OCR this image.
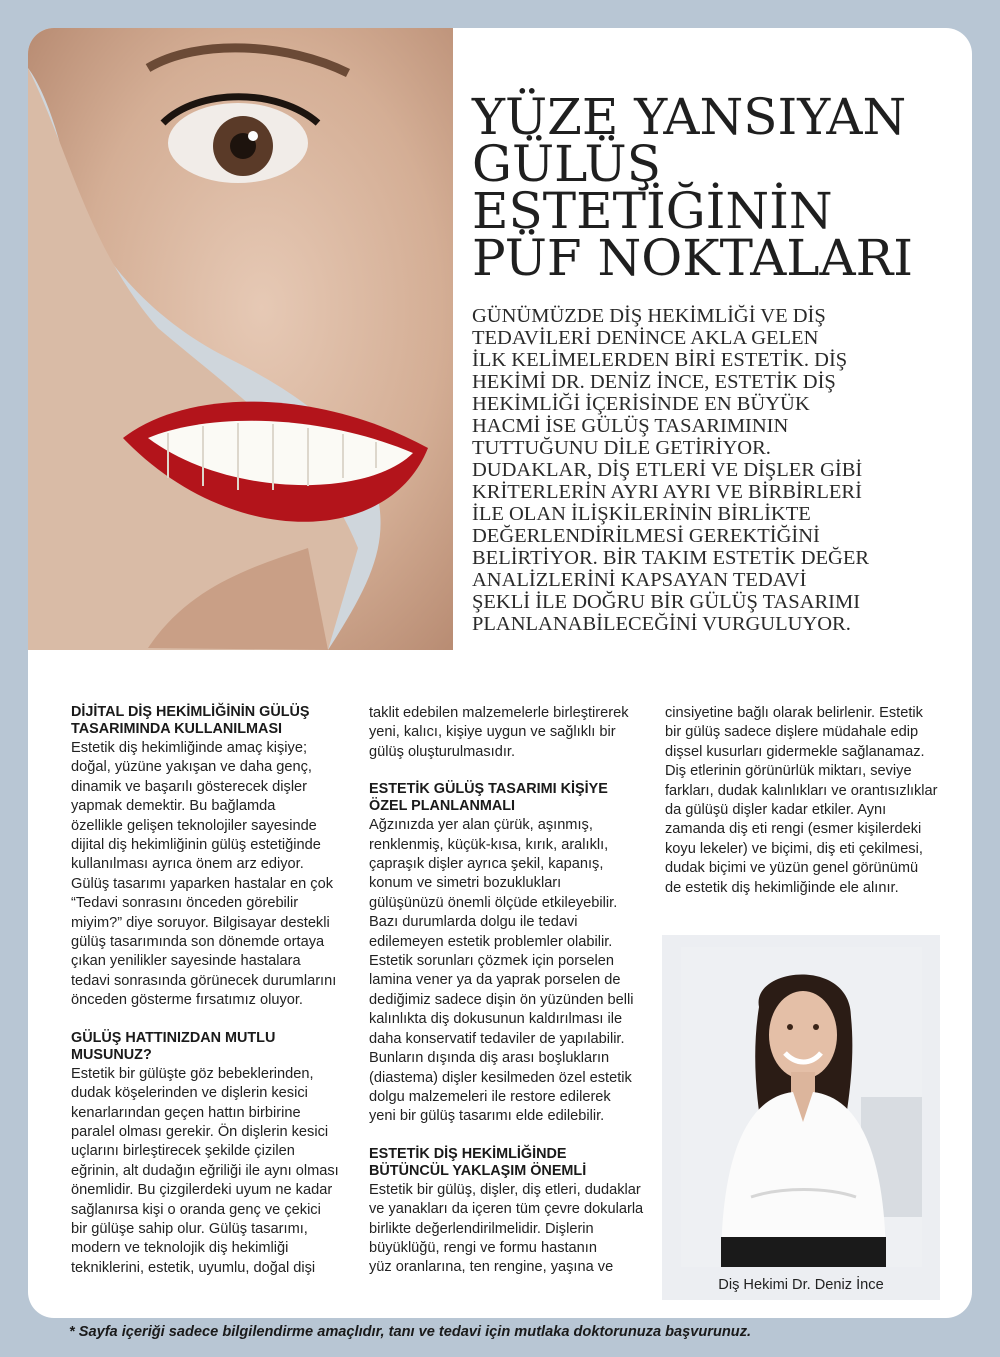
YÜZE YANSIYAN
GÜLÜŞ
ESTETİĞİNİN
PÜF NOKTALARI
GÜNÜMÜZDE DİŞ HEKİMLİĞİ VE DİŞ
TEDAVİLERİ DENİNCE AKLA GELEN
İLK KELİMELERDEN BİRİ ESTETİK. DİŞ
HEKİMİ DR. DENİZ İNCE, ESTETİK DİŞ
HEKİMLİĞİ İÇERİSİNDE EN BÜYÜK
HACMİ İSE GÜLÜŞ TASARIMININ
TUTTUĞUNU DİLE GETİRİYOR.
DUDAKLAR, DİŞ ETLERİ VE DİŞLER GİBİ
KRİTERLERİN AYRI AYRI VE BİRBİRLERİ
İLE OLAN İLİŞKİLERİNİN BİRLİKTE
DEĞERLENDİRİLMESİ GEREKTİĞİNİ
BELİRTİYOR. BİR TAKIM ESTETİK DEĞER
ANALİZLERİNİ KAPSAYAN TEDAVİ
ŞEKLİ İLE DOĞRU BİR GÜLÜŞ TASARIMI
PLANLANABİLECEĞİNİ VURGULUYOR.
DİJİTAL DİŞ HEKİMLİĞİNİN GÜLÜŞ
TASARIMINDA KULLANILMASI
Estetik diş hekimliğinde amaç kişiye;
doğal, yüzüne yakışan ve daha genç,
dinamik ve başarılı gösterecek dişler
yapmak demektir. Bu bağlamda
özellikle gelişen teknolojiler sayesinde
dijital diş hekimliğinin gülüş estetiğinde
kullanılması ayrıca önem arz ediyor.
Gülüş tasarımı yaparken hastalar en çok
“Tedavi sonrasını önceden görebilir
miyim?” diye soruyor. Bilgisayar destekli
gülüş tasarımında son dönemde ortaya
çıkan yenilikler sayesinde hastalara
tedavi sonrasında görünecek durumlarını
önceden gösterme fırsatımız oluyor.
GÜLÜŞ HATTINIZDAN MUTLU
MUSUNUZ?
Estetik bir gülüşte göz bebeklerinden,
dudak köşelerinden ve dişlerin kesici
kenarlarından geçen hattın birbirine
paralel olması gerekir. Ön dişlerin kesici
uçlarını birleştirecek şekilde çizilen
eğrinin, alt dudağın eğriliği ile aynı olması
önemlidir. Bu çizgilerdeki uyum ne kadar
sağlanırsa kişi o oranda genç ve çekici
bir gülüşe sahip olur. Gülüş tasarımı,
modern ve teknolojik diş hekimliği
tekniklerini, estetik, uyumlu, doğal dişi
taklit edebilen malzemelerle birleştirerek
yeni, kalıcı, kişiye uygun ve sağlıklı bir
gülüş oluşturulmasıdır.
ESTETİK GÜLÜŞ TASARIMI KİŞİYE
ÖZEL PLANLANMALI
Ağzınızda yer alan çürük, aşınmış,
renklenmiş, küçük-kısa, kırık, aralıklı,
çapraşık dişler ayrıca şekil, kapanış,
konum ve simetri bozuklukları
gülüşünüzü önemli ölçüde etkileyebilir.
Bazı durumlarda dolgu ile tedavi
edilemeyen estetik problemler olabilir.
Estetik sorunları çözmek için porselen
lamina vener ya da yaprak porselen de
dediğimiz sadece dişin ön yüzünden belli
kalınlıkta diş dokusunun kaldırılması ile
daha konservatif tedaviler de yapılabilir.
Bunların dışında diş arası boşlukların
(diastema) dişler kesilmeden özel estetik
dolgu malzemeleri ile restore edilerek
yeni bir gülüş tasarımı elde edilebilir.
ESTETİK DİŞ HEKİMLİĞİNDE
BÜTÜNCÜL YAKLAŞIM ÖNEMLİ
Estetik bir gülüş, dişler, diş etleri, dudaklar
ve yanakları da içeren tüm çevre dokularla
birlikte değerlendirilmelidir. Dişlerin
büyüklüğü, rengi ve formu hastanın
yüz oranlarına, ten rengine, yaşına ve
cinsiyetine bağlı olarak belirlenir. Estetik
bir gülüş sadece dişlere müdahale edip
dişsel kusurları gidermekle sağlanamaz.
Diş etlerinin görünürlük miktarı, seviye
farkları, dudak kalınlıkları ve orantısızlıklar
da gülüşü dişler kadar etkiler. Aynı
zamanda diş eti rengi (esmer kişilerdeki
koyu lekeler) ve biçimi, diş eti çekilmesi,
dudak biçimi ve yüzün genel görünümü
de estetik diş hekimliğinde ele alınır.
Diş Hekimi Dr. Deniz İnce
* Sayfa içeriği sadece bilgilendirme amaçlıdır, tanı ve tedavi için mutlaka doktorunuza başvurunuz.
